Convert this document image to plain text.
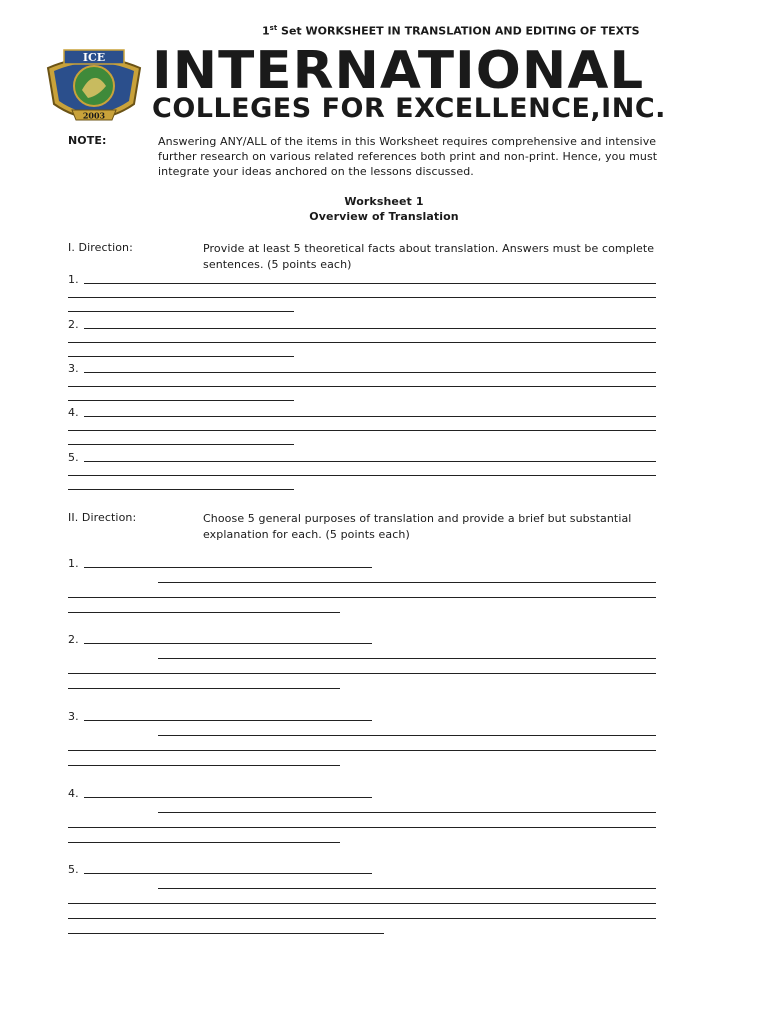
1st Set WORKSHEET IN TRANSLATION AND EDITING OF TEXTS
ICE
2003
INTERNATIONAL
COLLEGES FOR EXCELLENCE,INC.
NOTE:	Answering ANY/ALL of the items in this Worksheet requires comprehensive and intensive further research on various related references both print and non-print. Hence, you must integrate your ideas anchored on the lessons discussed.
Worksheet 1
Overview of Translation
I. Direction:	Provide at least 5 theoretical facts about translation. Answers must be complete sentences. (5 points each)
1.
2.
3.
4.
5.
II. Direction:	Choose 5 general purposes of translation and provide a brief but substantial explanation for each. (5 points each)
1.
2.
3.
4.
5.
